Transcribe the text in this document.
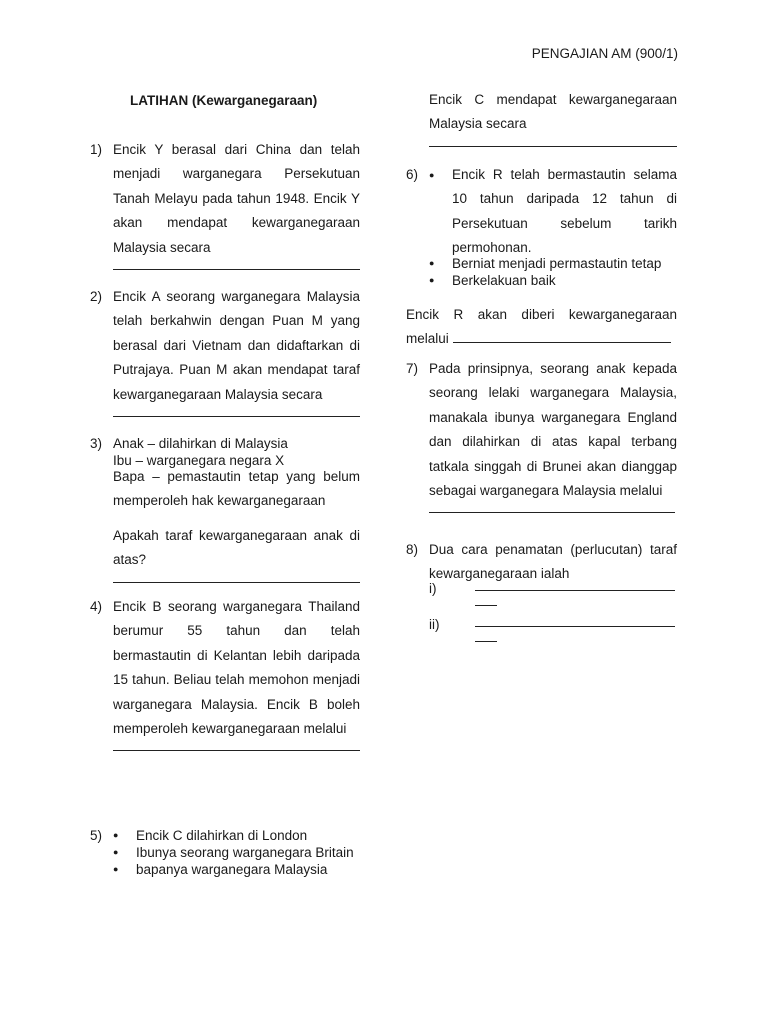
PENGAJIAN AM (900/1)
LATIHAN (Kewarganegaraan)
1) Encik Y berasal dari China dan telah menjadi warganegara Persekutuan Tanah Melayu pada tahun 1948. Encik Y akan mendapat kewarganegaraan Malaysia secara

2) Encik A seorang warganegara Malaysia telah berkahwin dengan Puan M yang berasal dari Vietnam dan didaftarkan di Putrajaya. Puan M akan mendapat taraf kewarganegaraan Malaysia secara

3) Anak – dilahirkan di Malaysia

Ibu – warganegara negara X

Bapa – pemastautin tetap yang belum memperoleh hak kewarganegaraan

Apakah taraf kewarganegaraan anak di atas?

4) Encik B seorang warganegara Thailand berumur 55 tahun dan telah bermastautin di Kelantan lebih daripada 15 tahun. Beliau telah memohon menjadi warganegara Malaysia. Encik B boleh memperoleh kewarganegaraan melalui

5)	● Encik C dilahirkan di London
● Ibunya seorang warganegara Britain
● bapanya warganegara Malaysia

Encik C mendapat kewarganegaraan Malaysia secara

6)	● Encik R telah bermastautin selama 10 tahun daripada 12 tahun di Persekutuan sebelum tarikh permohonan.
● Berniat menjadi permastautin tetap
● Berkelakuan baik

Encik R akan diberi kewarganegaraan melalui

7) Pada prinsipnya, seorang anak kepada seorang lelaki warganegara Malaysia, manakala ibunya warganegara England dan dilahirkan di atas kapal terbang tatkala singgah di Brunei akan dianggap sebagai warganegara Malaysia melalui

8) Dua cara penamatan (perlucutan) taraf kewarganegaraan ialah

i)
ii)
